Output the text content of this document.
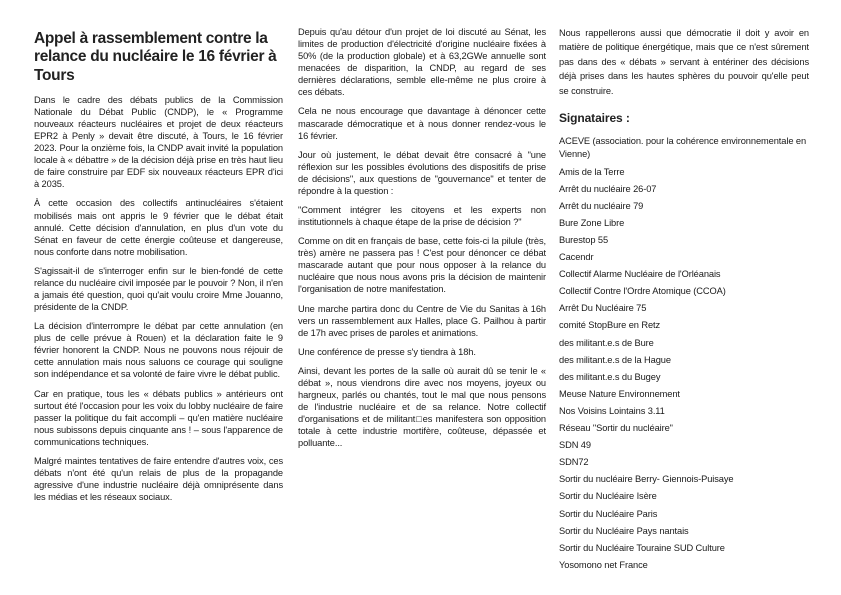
Appel à rassemblement contre la relance du nucléaire le 16 février à Tours

Dans le cadre des débats publics de la Commission Nationale du Débat Public (CNDP), le « Programme nouveaux réacteurs nucléaires et projet de deux réacteurs EPR2 à Penly » devait être discuté, à Tours, le 16 février 2023. Pour la onzième fois, la CNDP avait invité la population locale à « débattre » de la décision déjà prise en très haut lieu de faire construire par EDF six nouveaux réacteurs EPR d'ici à 2035.

À cette occasion des collectifs antinucléaires s'étaient mobilisés mais ont appris le 9 février que le débat était annulé. Cette décision d'annulation, en plus d'un vote du Sénat en faveur de cette énergie coûteuse et dangereuse, nous conforte dans notre mobilisation.

S'agissait-il de s'interroger enfin sur le bien-fondé de cette relance du nucléaire civil imposée par le pouvoir ? Non, il n'en a jamais été question, quoi qu'ait voulu croire Mme Jouanno, présidente de la CNDP.

La décision d'interrompre le débat par cette annulation (en plus de celle prévue à Rouen) et la déclaration faite le 9 février honorent la CNDP. Nous ne pouvons nous réjouir de cette annulation mais nous saluons ce courage qui souligne son indépendance et sa volonté de faire vivre le débat public.

Car en pratique, tous les « débats publics » antérieurs ont surtout été l'occasion pour les voix du lobby nucléaire de faire passer la politique du fait accompli – qu'en matière nucléaire nous subissons depuis cinquante ans ! – sous l'apparence de communications techniques.

Malgré maintes tentatives de faire entendre d'autres voix, ces débats n'ont été qu'un relais de plus de la propagande agressive d'une industrie nucléaire déjà omniprésente dans les médias et les réseaux sociaux.

Depuis qu'au détour d'un projet de loi discuté au Sénat, les limites de production d'électricité d'origine nucléaire fixées à 50% (de la production globale) et à 63,2GWe annuelle sont menacées de disparition, la CNDP, au regard de ses dernières déclarations, semble elle-même ne plus croire à ces débats.

Cela ne nous encourage que davantage à dénoncer cette mascarade démocratique et à nous donner rendez-vous le 16 février.

Jour où justement, le débat devait être consacré à "une réflexion sur les possibles évolutions des dispositifs de prise de décisions", aux questions de "gouvernance" et tenter de répondre à la question :

"Comment intégrer les citoyens et les experts non institutionnels à chaque étape de la prise de décision ?"

Comme on dit en français de base, cette fois-ci la pilule (très, très) amère ne passera pas ! C'est pour dénoncer ce débat mascarade autant que pour nous opposer à la relance du nucléaire que nous nous avons pris la décision de maintenir l'organisation de notre manifestation.

Une marche partira donc du Centre de Vie du Sanitas à 16h vers un rassemblement aux Halles, place G. Pailhou à partir de 17h avec prises de paroles et animations.

Une conférence de presse s'y tiendra à 18h.

Ainsi, devant les portes de la salle où aurait dû se tenir le « débat », nous viendrons dire avec nos moyens, joyeux ou hargneux, parlés ou chantés, tout le mal que nous pensons de l'industrie nucléaire et de sa relance. Notre collectif d'organisations et de militant□es manifestera son opposition totale à cette industrie mortifère, coûteuse, dépassée et polluante...

Nous rappellerons aussi que démocratie il doit y avoir en matière de politique énergétique, mais que ce n'est sûrement pas dans des « débats » servant à entériner des décisions déjà prises dans les hautes sphères du pouvoir qu'elle peut se construire.

Signataires :
ACEVE (association. pour la cohérence environnementale en Vienne)
Amis de la Terre
Arrêt du nucléaire 26-07
Arrêt du nucléaire 79
Bure Zone Libre
Burestop 55
Cacendr
Collectif Alarme Nucléaire de l'Orléanais
Collectif Contre l'Ordre Atomique (CCOA)
Arrêt Du Nucléaire 75
comité StopBure en Retz
des militant.e.s de Bure
des militant.e.s de la Hague
des militant.e.s du Bugey
Meuse Nature Environnement
Nos Voisins Lointains 3.11
Réseau "Sortir du nucléaire"
SDN 49
SDN72
Sortir du nucléaire Berry- Giennois-Puisaye
Sortir du Nucléaire Isère
Sortir du Nucléaire Paris
Sortir du Nucléaire Pays nantais
Sortir du Nucléaire Touraine SUD Culture
Yosomono net France
